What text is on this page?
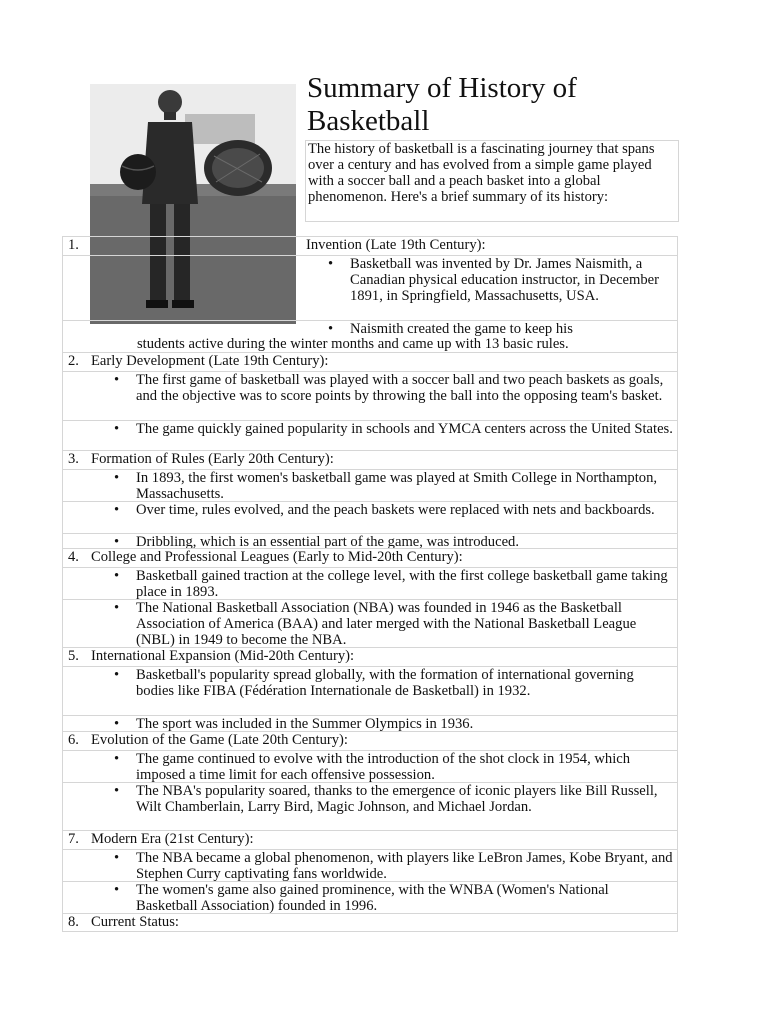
Summary of History of Basketball
The history of basketball is a fascinating journey that spans over a century and has evolved from a simple game played with a soccer ball and a peach basket into a global phenomenon. Here's a brief summary of its history:
1.	Invention (Late 19th Century):
• Basketball was invented by Dr. James Naismith, a Canadian physical education instructor, in December 1891, in Springfield, Massachusetts, USA.
• Naismith created the game to keep his
students active during the winter months and came up with 13 basic rules.
2. Early Development (Late 19th Century):
• The first game of basketball was played with a soccer ball and two peach baskets as goals, and the objective was to score points by throwing the ball into the opposing team's basket.
• The game quickly gained popularity in schools and YMCA centers across the United States.
3. Formation of Rules (Early 20th Century):
• In 1893, the first women's basketball game was played at Smith College in Northampton, Massachusetts.
• Over time, rules evolved, and the peach baskets were replaced with nets and backboards.
• Dribbling, which is an essential part of the game, was introduced.
4. College and Professional Leagues (Early to Mid-20th Century):
• Basketball gained traction at the college level, with the first college basketball game taking place in 1893.
• The National Basketball Association (NBA) was founded in 1946 as the Basketball Association of America (BAA) and later merged with the National Basketball League (NBL) in 1949 to become the NBA.
5. International Expansion (Mid-20th Century):
• Basketball's popularity spread globally, with the formation of international governing bodies like FIBA (Fédération Internationale de Basketball) in 1932.
• The sport was included in the Summer Olympics in 1936.
6. Evolution of the Game (Late 20th Century):
• The game continued to evolve with the introduction of the shot clock in 1954, which imposed a time limit for each offensive possession.
• The NBA's popularity soared, thanks to the emergence of iconic players like Bill Russell, Wilt Chamberlain, Larry Bird, Magic Johnson, and Michael Jordan.
7. Modern Era (21st Century):
• The NBA became a global phenomenon, with players like LeBron James, Kobe Bryant, and Stephen Curry captivating fans worldwide.
• The women's game also gained prominence, with the WNBA (Women's National Basketball Association) founded in 1996.
8. Current Status:
